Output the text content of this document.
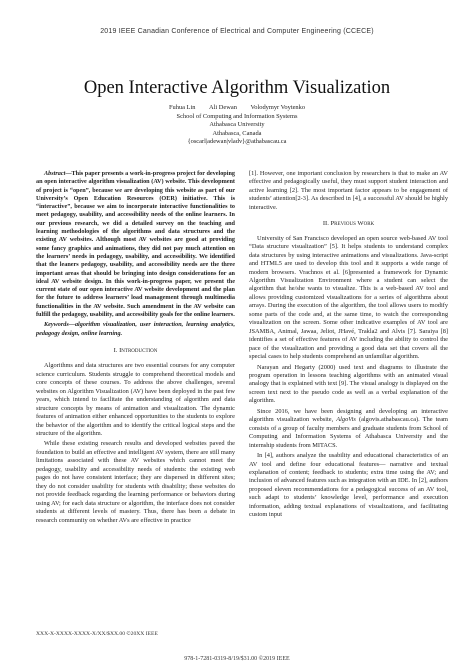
2019 IEEE Canadian Conference of Electrical and Computer Engineering (CCECE)
Open Interactive Algorithm Visualization
Fuhua Lin Ali Dewan Volodymyr Voytenko
School of Computing and Information Systems
Athabasca University
Athabasca, Canada
{oscarl|adewan|vladv}@athabascau.ca

Abstract—This paper presents a work-in-progress project for developing an open interactive algorithm visualization (AV) website. This development of project is “open”, because we are developing this website as part of our University’s Open Education Resources (OER) initiative. This is “interactive”, because we aim to incorporate interactive functionalities to meet pedagogy, usability, and accessibility needs of the online learners. In our previous research, we did a detailed survey on the teaching and learning methodologies of the algorithms and data structures and the existing AV websites. Although most AV websites are good at providing some fancy graphics and animations, they did not pay much attention on the learners’ needs in pedagogy, usability, and accessibility. We identified that the leaners pedagogy, usability, and accessibility needs are the three important areas that should be bringing into design considerations for an ideal AV website design. In this work-in-progress paper, we present the current state of our open interactive AV website development and the plan for the future to address learners’ load management through multimedia functionalities in the AV website. Such amendment in the AV website can fulfill the pedagogy, usability, and accessibility goals for the online learners.

Keywords—algorithm visualization, user interaction, learning analytics, pedagogy design, online learning.

I. Introduction

Algorithms and data structures are two essential courses for any computer science curriculum. Students struggle to comprehend theoretical models and core concepts of these courses. To address the above challenges, several websites on Algorithm Visualization (AV) have been deployed in the past few years, which intend to facilitate the understanding of algorithm and data structure concepts by means of animation and visualization. The dynamic features of animation either enhanced opportunities to the students to explore the behavior of the algorithm and to identify the critical logical steps and the structure of the algorithm.

While these existing research results and developed websites paved the foundation to build an effective and intelligent AV system, there are still many limitations associated with these AV websites which cannot meet the pedagogy, usability and accessibility needs of students: the existing web pages do not have consistent interface; they are dispersed in different sites; they do not consider usability for students with disability; these websites do not provide feedback regarding the learning performance or behaviors during using AV; for each data structure or algorithm, the interface does not consider students at different levels of mastery. Thus, there has been a debate in research community on whether AVs are effective in practice

[1]. However, one important conclusion by researchers is that to make an AV effective and pedagogically useful, they must support student interaction and active learning [2]. The most important factor appears to be engagement of students’ attention[2-3]. As described in [4], a successful AV should be highly interactive.

II. Previous Work

University of San Francisco developed an open source web-based AV tool “Data structure visualization” [5]. It helps students to understand complex data structures by using interactive animations and visualizations. Java-script and HTML5 are used to develop this tool and it supports a wide range of modern browsers. Vrachnos et al. [6]presented a framework for Dynamic Algorithm Visualization Environment where a student can select the algorithm that he/she wants to visualize. This is a web-based AV tool and allows providing customized visualizations for a series of algorithms about arrays. During the execution of the algorithm, the tool allows users to modify some parts of the code and, at the same time, to watch the corresponding visualization on the screen. Some other indicative examples of AV tool are JSAMBA, Animal, Jawaa, Jeliot, JHavé, Trakla2 and Alvis [7]. Saraiya [8] identifies a set of effective features of AV including the ability to control the pace of the visualization and providing a good data set that covers all the special cases to help students comprehend an unfamiliar algorithm.

Narayan and Hegarty (2000) used text and diagrams to illustrate the program operation in lessons teaching algorithms with an animated visual analogy that is explained with text [9]. The visual analogy is displayed on the screen text next to the pseudo code as well as a verbal explanation of the algorithm.

Since 2016, we have been designing and developing an interactive algorithm visualization website, AlgoVis (algovis.athabascau.ca). The team consists of a group of faculty members and graduate students from School of Computing and Information Systems of Athabasca University and the internship students from MITACS.

In [4], authors analyze the usability and educational characteristics of an AV tool and define four educational features— narrative and textual explanation of content; feedback to students; extra time using the AV; and inclusion of advanced features such as integration with an IDE. In [2], authors proposed eleven recommendations for a pedagogical success of an AV tool, such adapt to students’ knowledge level, performance and execution information, adding textual explanations of visualizations, and facilitating custom input

XXX-X-XXXX-XXXX-X/XX/$XX.00 ©20XX IEEE
978-1-7281-0319-8/19/$31.00 ©2019 IEEE
